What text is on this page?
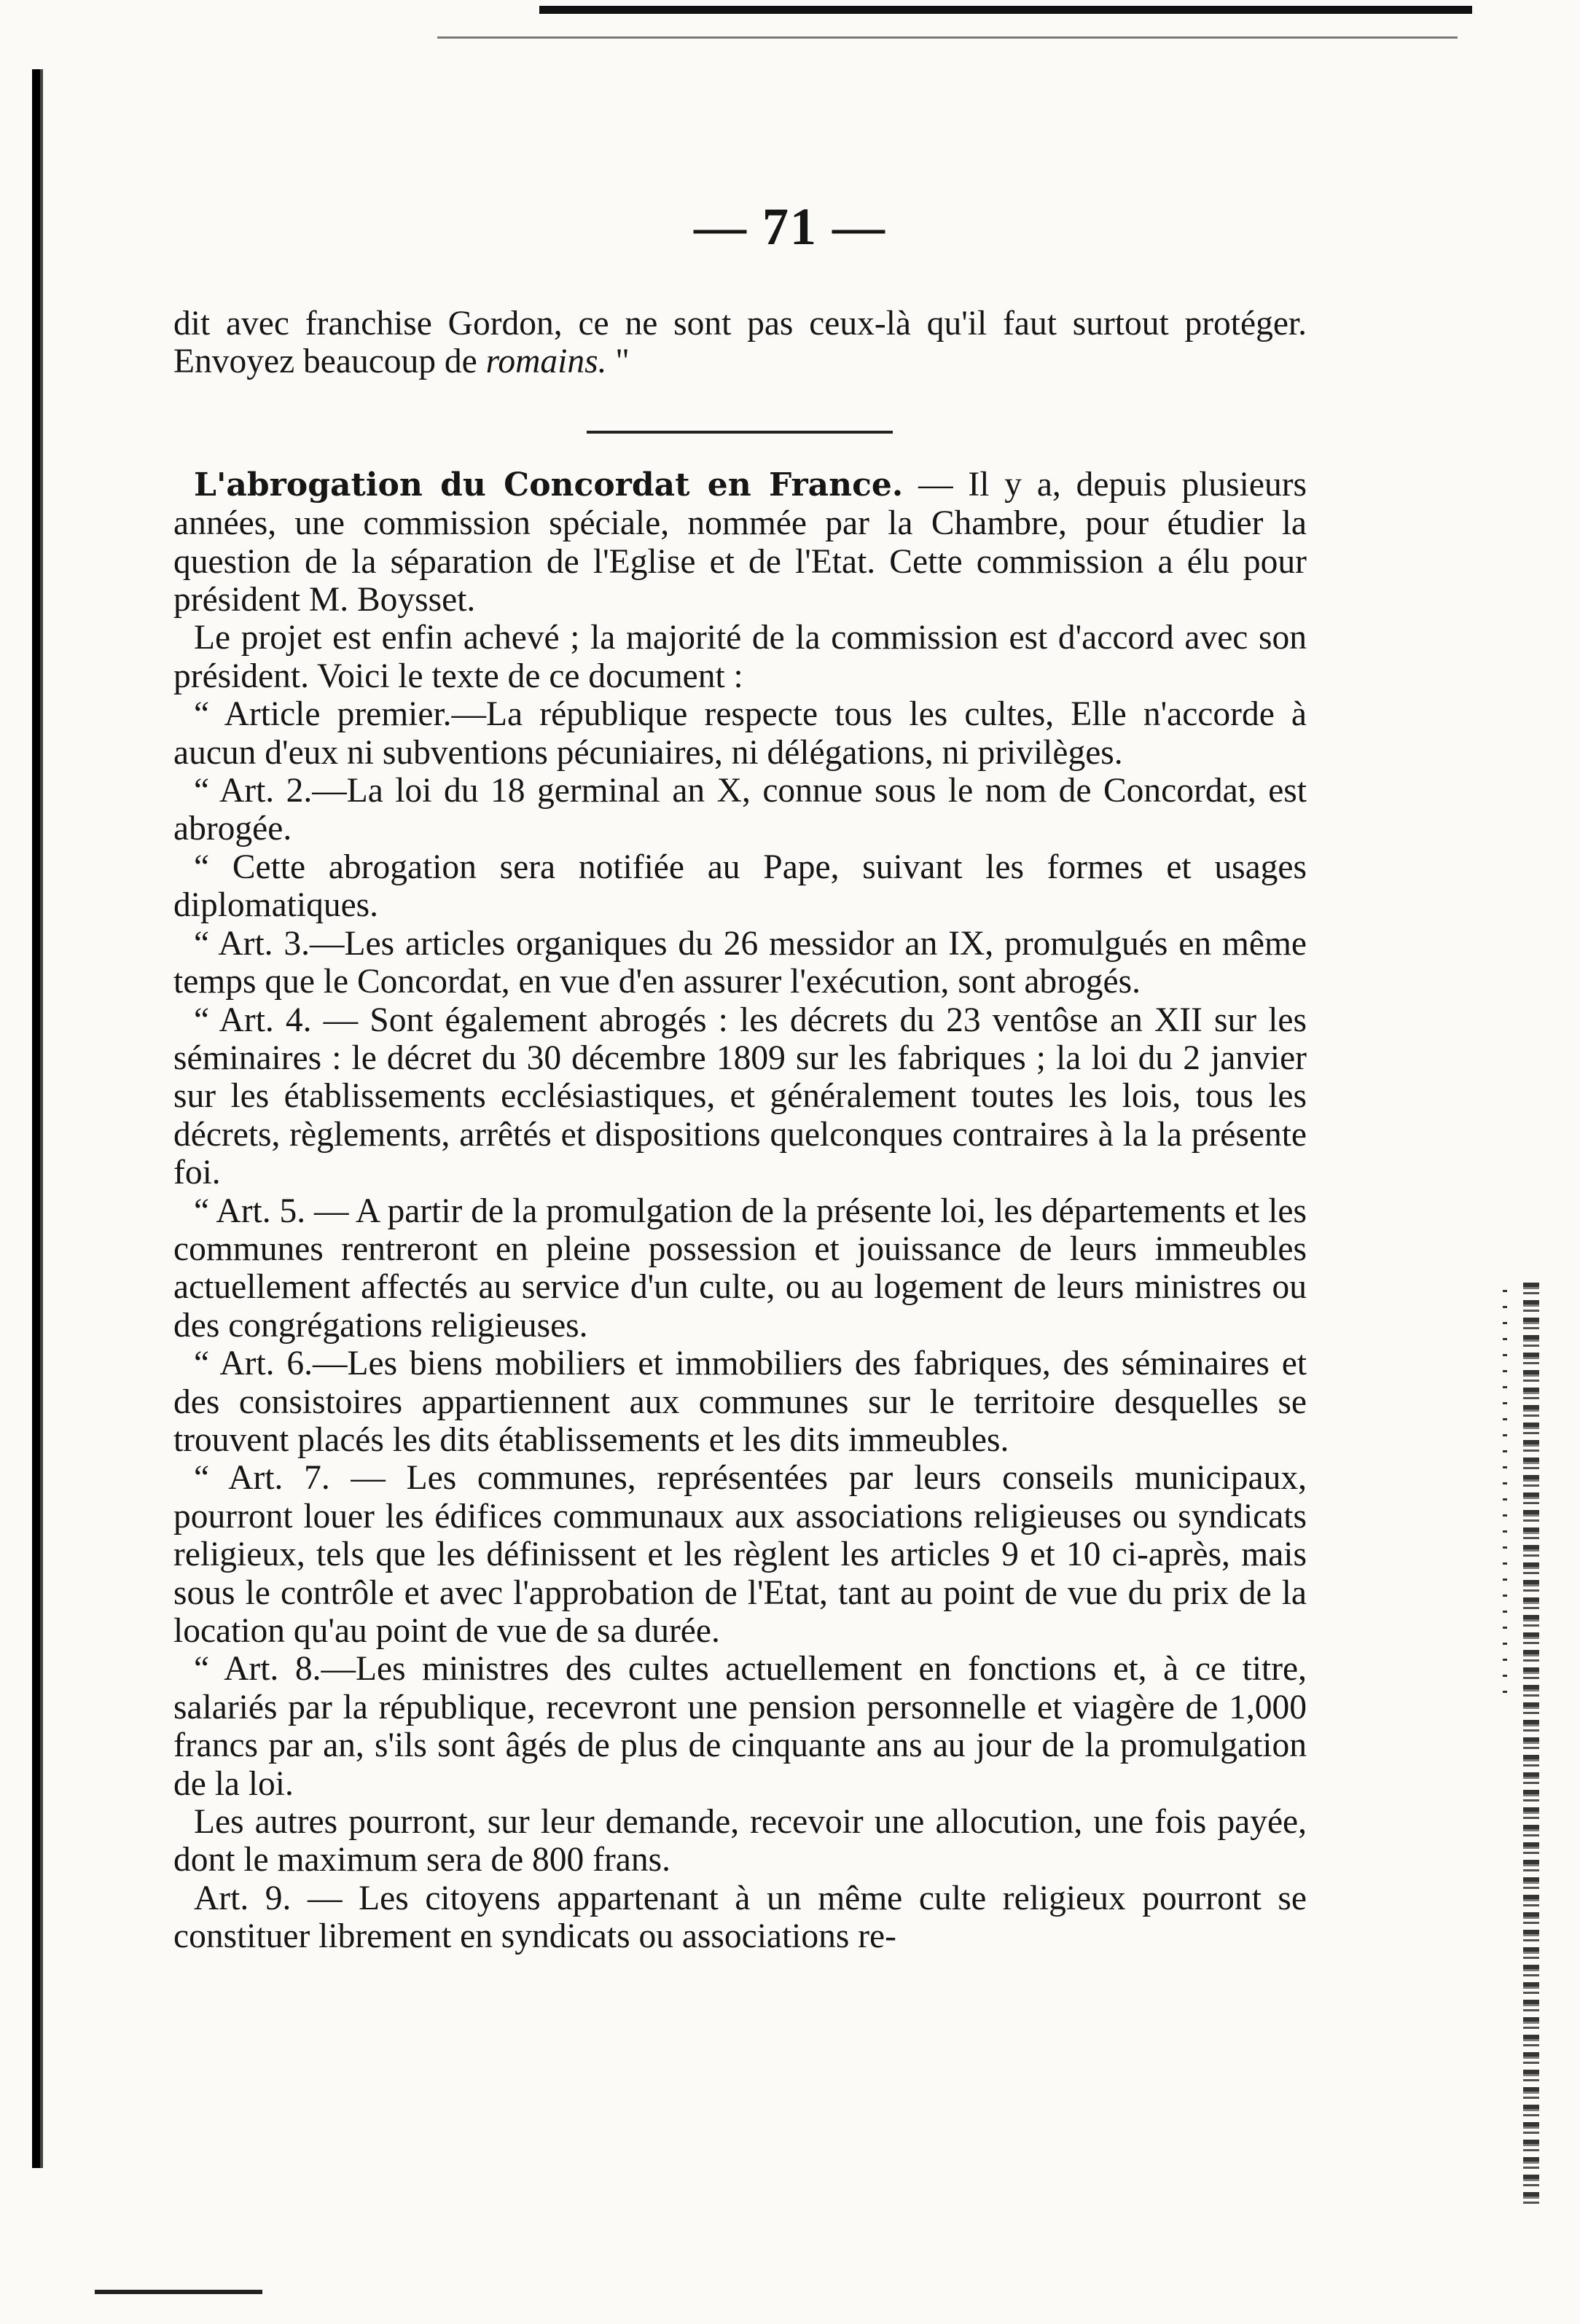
— 71 —

dit avec franchise Gordon, ce ne sont pas ceux-là qu'il faut surtout protéger. Envoyez beaucoup de romains. "

L'abrogation du Concordat en France. — Il y a, depuis plusieurs années, une commission spéciale, nommée par la Chambre, pour étudier la question de la séparation de l'Eglise et de l'Etat. Cette commission a élu pour président M. Boysset.

Le projet est enfin achevé ; la majorité de la commission est d'accord avec son président. Voici le texte de ce document :

“ Article premier.—La république respecte tous les cultes, Elle n'accorde à aucun d'eux ni subventions pécuniaires, ni délégations, ni privilèges.

“ Art. 2.—La loi du 18 germinal an X, connue sous le nom de Concordat, est abrogée.

“ Cette abrogation sera notifiée au Pape, suivant les formes et usages diplomatiques.

“ Art. 3.—Les articles organiques du 26 messidor an IX, promulgués en même temps que le Concordat, en vue d'en assurer l'exécution, sont abrogés.

“ Art. 4. — Sont également abrogés : les décrets du 23 ventôse an XII sur les séminaires : le décret du 30 décembre 1809 sur les fabriques ; la loi du 2 janvier sur les établissements ecclésiastiques, et généralement toutes les lois, tous les décrets, règlements, arrêtés et dispositions quelconques contraires à la la présente foi.

“ Art. 5. — A partir de la promulgation de la présente loi, les départements et les communes rentreront en pleine possession et jouissance de leurs immeubles actuellement affectés au service d'un culte, ou au logement de leurs ministres ou des congrégations religieuses.

“ Art. 6.—Les biens mobiliers et immobiliers des fabriques, des séminaires et des consistoires appartiennent aux communes sur le territoire desquelles se trouvent placés les dits établissements et les dits immeubles.

“ Art. 7. — Les communes, représentées par leurs conseils municipaux, pourront louer les édifices communaux aux associations religieuses ou syndicats religieux, tels que les définissent et les règlent les articles 9 et 10 ci-après, mais sous le contrôle et avec l'approbation de l'Etat, tant au point de vue du prix de la location qu'au point de vue de sa durée.

“ Art. 8.—Les ministres des cultes actuellement en fonctions et, à ce titre, salariés par la république, recevront une pension personnelle et viagère de 1,000 francs par an, s'ils sont âgés de plus de cinquante ans au jour de la promulgation de la loi.

Les autres pourront, sur leur demande, recevoir une allocution, une fois payée, dont le maximum sera de 800 frans.

Art. 9. — Les citoyens appartenant à un même culte religieux pourront se constituer librement en syndicats ou associations re-
